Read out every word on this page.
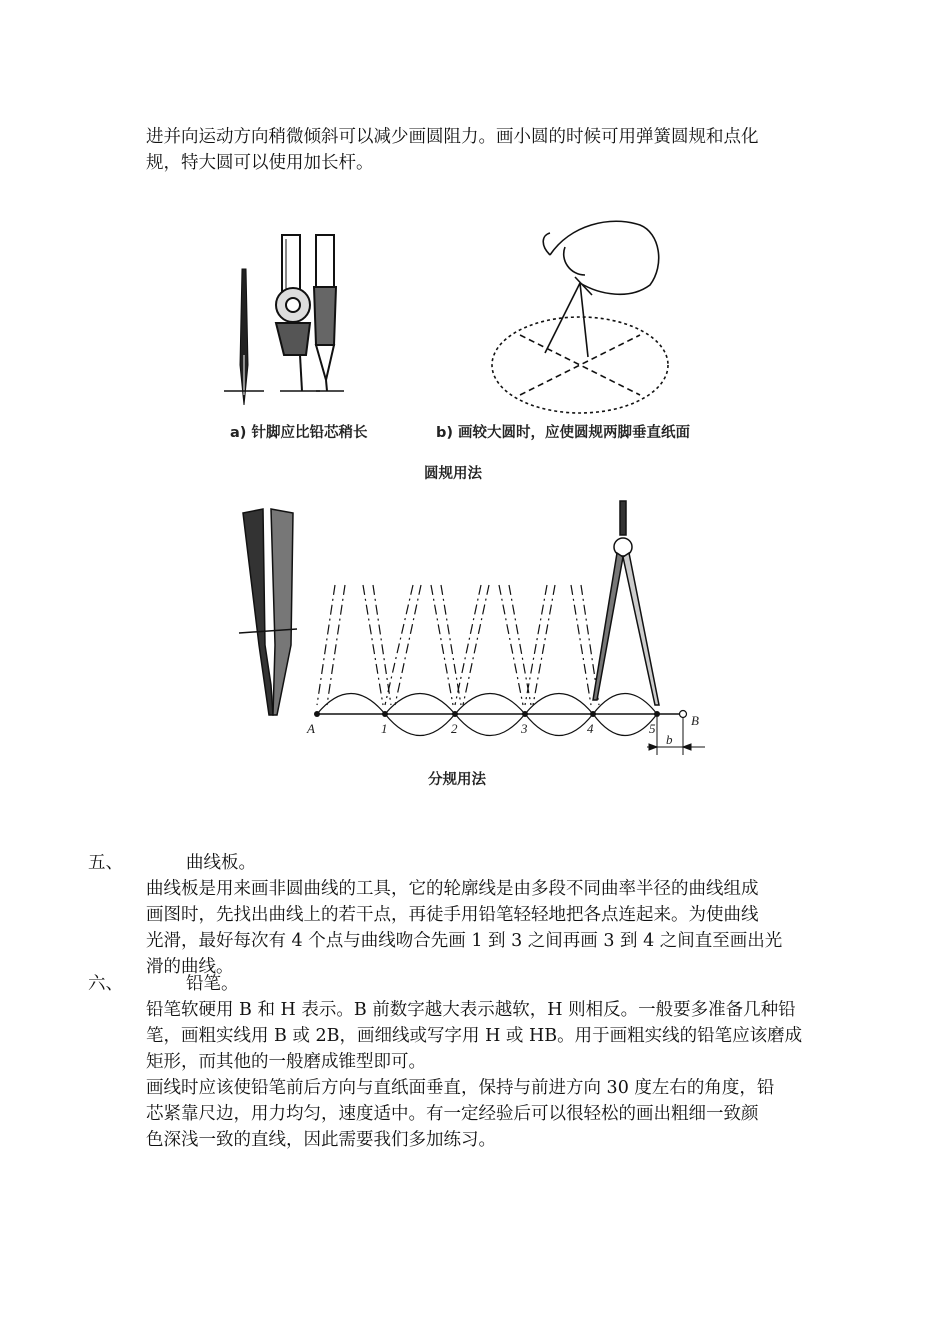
进并向运动方向稍微倾斜可以减少画圆阻力。画小圆的时候可用弹簧圆规和点化
规，特大圆可以使用加长杆。
a) 针脚应比铅芯稍长	b) 画较大圆时，应使圆规两脚垂直纸面
圆规用法
A	1	2	3	4	5
B
b
分规用法
五、	曲线板。
曲线板是用来画非圆曲线的工具，它的轮廓线是由多段不同曲率半径的曲线组成
画图时，先找出曲线上的若干点，再徒手用铅笔轻轻地把各点连起来。为使曲线
光滑，最好每次有 4 个点与曲线吻合先画 1 到 3 之间再画 3 到 4 之间直至画出光
滑的曲线。
六、	铅笔。
铅笔软硬用 B 和 H 表示。B 前数字越大表示越软，H 则相反。一般要多准备几种铅
笔，画粗实线用 B 或 2B，画细线或写字用 H 或 HB。用于画粗实线的铅笔应该磨成
矩形，而其他的一般磨成锥型即可。
画线时应该使铅笔前后方向与直纸面垂直，保持与前进方向 30 度左右的角度，铅
芯紧靠尺边，用力均匀，速度适中。有一定经验后可以很轻松的画出粗细一致颜
色深浅一致的直线，因此需要我们多加练习。
